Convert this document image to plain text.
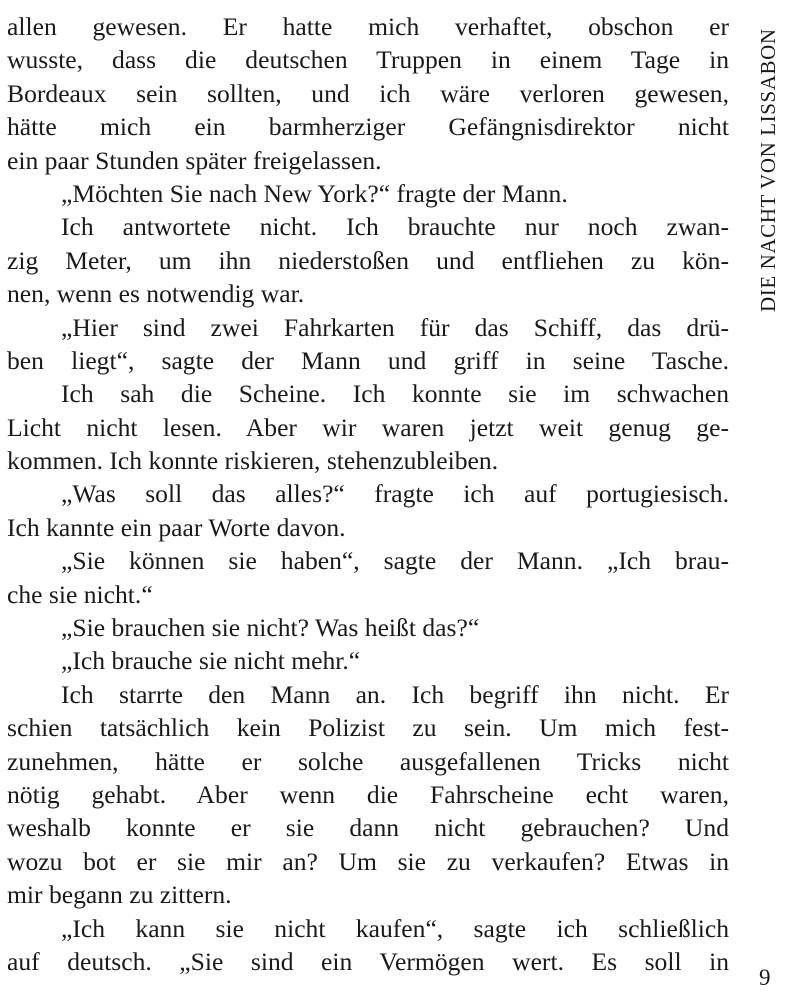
allen gewesen. Er hatte mich verhaftet, obschon er
wusste, dass die deutschen Truppen in einem Tage in
Bordeaux sein sollten, und ich wäre verloren gewesen,
hätte mich ein barmherziger Gefängnisdirektor nicht
ein paar Stunden später freigelassen.
„Möchten Sie nach New York?“ fragte der Mann.
Ich antwortete nicht. Ich brauchte nur noch zwan-
zig Meter, um ihn niederstoßen und entfliehen zu kön-
nen, wenn es notwendig war.
„Hier sind zwei Fahrkarten für das Schiff, das drü-
ben liegt“, sagte der Mann und griff in seine Tasche.
Ich sah die Scheine. Ich konnte sie im schwachen
Licht nicht lesen. Aber wir waren jetzt weit genug ge-
kommen. Ich konnte riskieren, stehenzubleiben.
„Was soll das alles?“ fragte ich auf portugiesisch.
Ich kannte ein paar Worte davon.
„Sie können sie haben“, sagte der Mann. „Ich brau-
che sie nicht.“
„Sie brauchen sie nicht? Was heißt das?“
„Ich brauche sie nicht mehr.“
Ich starrte den Mann an. Ich begriff ihn nicht. Er
schien tatsächlich kein Polizist zu sein. Um mich fest-
zunehmen, hätte er solche ausgefallenen Tricks nicht
nötig gehabt. Aber wenn die Fahrscheine echt waren,
weshalb konnte er sie dann nicht gebrauchen? Und
wozu bot er sie mir an? Um sie zu verkaufen? Etwas in
mir begann zu zittern.
„Ich kann sie nicht kaufen“, sagte ich schließlich
auf deutsch. „Sie sind ein Vermögen wert. Es soll in
DIE NACHT VON LISSABON
9
